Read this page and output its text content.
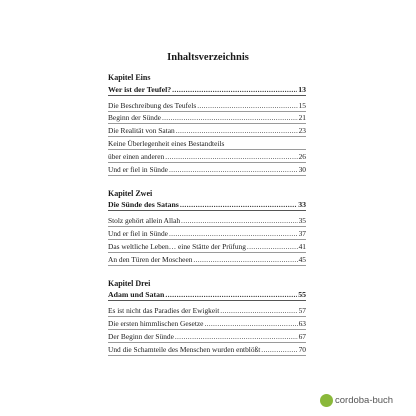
Inhaltsverzeichnis
Kapitel Eins
Wer ist der Teufel? .....	13
Die Beschreibung des Teufels .....	15
Beginn der Sünde .....	21
Die Realität von Satan .....	23
Keine Überlegenheit eines Bestandteils
über einen anderen .....	26
Und er fiel in Sünde .....	30
Kapitel Zwei
Die Sünde des Satans .....	33
Stolz gehört allein Allah .....	35
Und er fiel in Sünde .....	37
Das weltliche Leben… eine Stätte der Prüfung .....	41
An den Türen der Moscheen .....	45
Kapitel Drei
Adam und Satan .....	55
Es ist nicht das Paradies der Ewigkeit .....	57
Die ersten himmlischen Gesetze .....	63
Der Beginn der Sünde .....	67
Und die Schamteile des Menschen wurden entblößt .....	70
cordoba-buch
